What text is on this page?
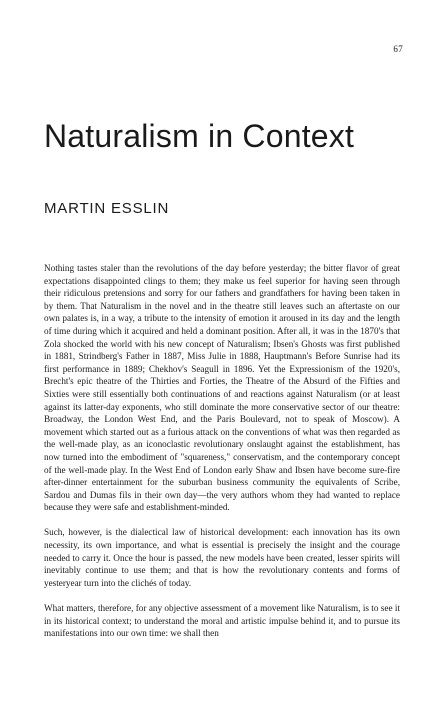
67
Naturalism in Context
MARTIN ESSLIN

Nothing tastes staler than the revolutions of the day before yesterday; the bitter flavor of great expectations disappointed clings to them; they make us feel superior for having seen through their ridiculous pretensions and sorry for our fathers and grandfathers for having been taken in by them. That Naturalism in the novel and in the theatre still leaves such an aftertaste on our own palates is, in a way, a tribute to the intensity of emotion it aroused in its day and the length of time during which it acquired and held a dominant position. After all, it was in the 1870's that Zola shocked the world with his new concept of Naturalism; Ibsen's Ghosts was first published in 1881, Strindberg's Father in 1887, Miss Julie in 1888, Hauptmann's Before Sunrise had its first performance in 1889; Chekhov's Seagull in 1896. Yet the Expressionism of the 1920's, Brecht's epic theatre of the Thirties and Forties, the Theatre of the Absurd of the Fifties and Sixties were still essentially both continuations of and reactions against Naturalism (or at least against its latter-day exponents, who still dominate the more conservative sector of our theatre: Broadway, the London West End, and the Paris Boulevard, not to speak of Moscow). A movement which started out as a furious attack on the conventions of what was then regarded as the well-made play, as an iconoclastic revolutionary onslaught against the establishment, has now turned into the embodiment of "squareness," conservatism, and the contemporary concept of the well-made play. In the West End of London early Shaw and Ibsen have become sure-fire after-dinner entertainment for the suburban business community the equivalents of Scribe, Sardou and Dumas fils in their own day—the very authors whom they had wanted to replace because they were safe and establishment-minded.

Such, however, is the dialectical law of historical development: each innovation has its own necessity, its own importance, and what is essential is precisely the insight and the courage needed to carry it. Once the hour is passed, the new models have been created, lesser spirits will inevitably continue to use them; and that is how the revolutionary contents and forms of yesteryear turn into the clichés of today.

What matters, therefore, for any objective assessment of a movement like Naturalism, is to see it in its historical context; to understand the moral and artistic impulse behind it, and to pursue its manifestations into our own time: we shall then
